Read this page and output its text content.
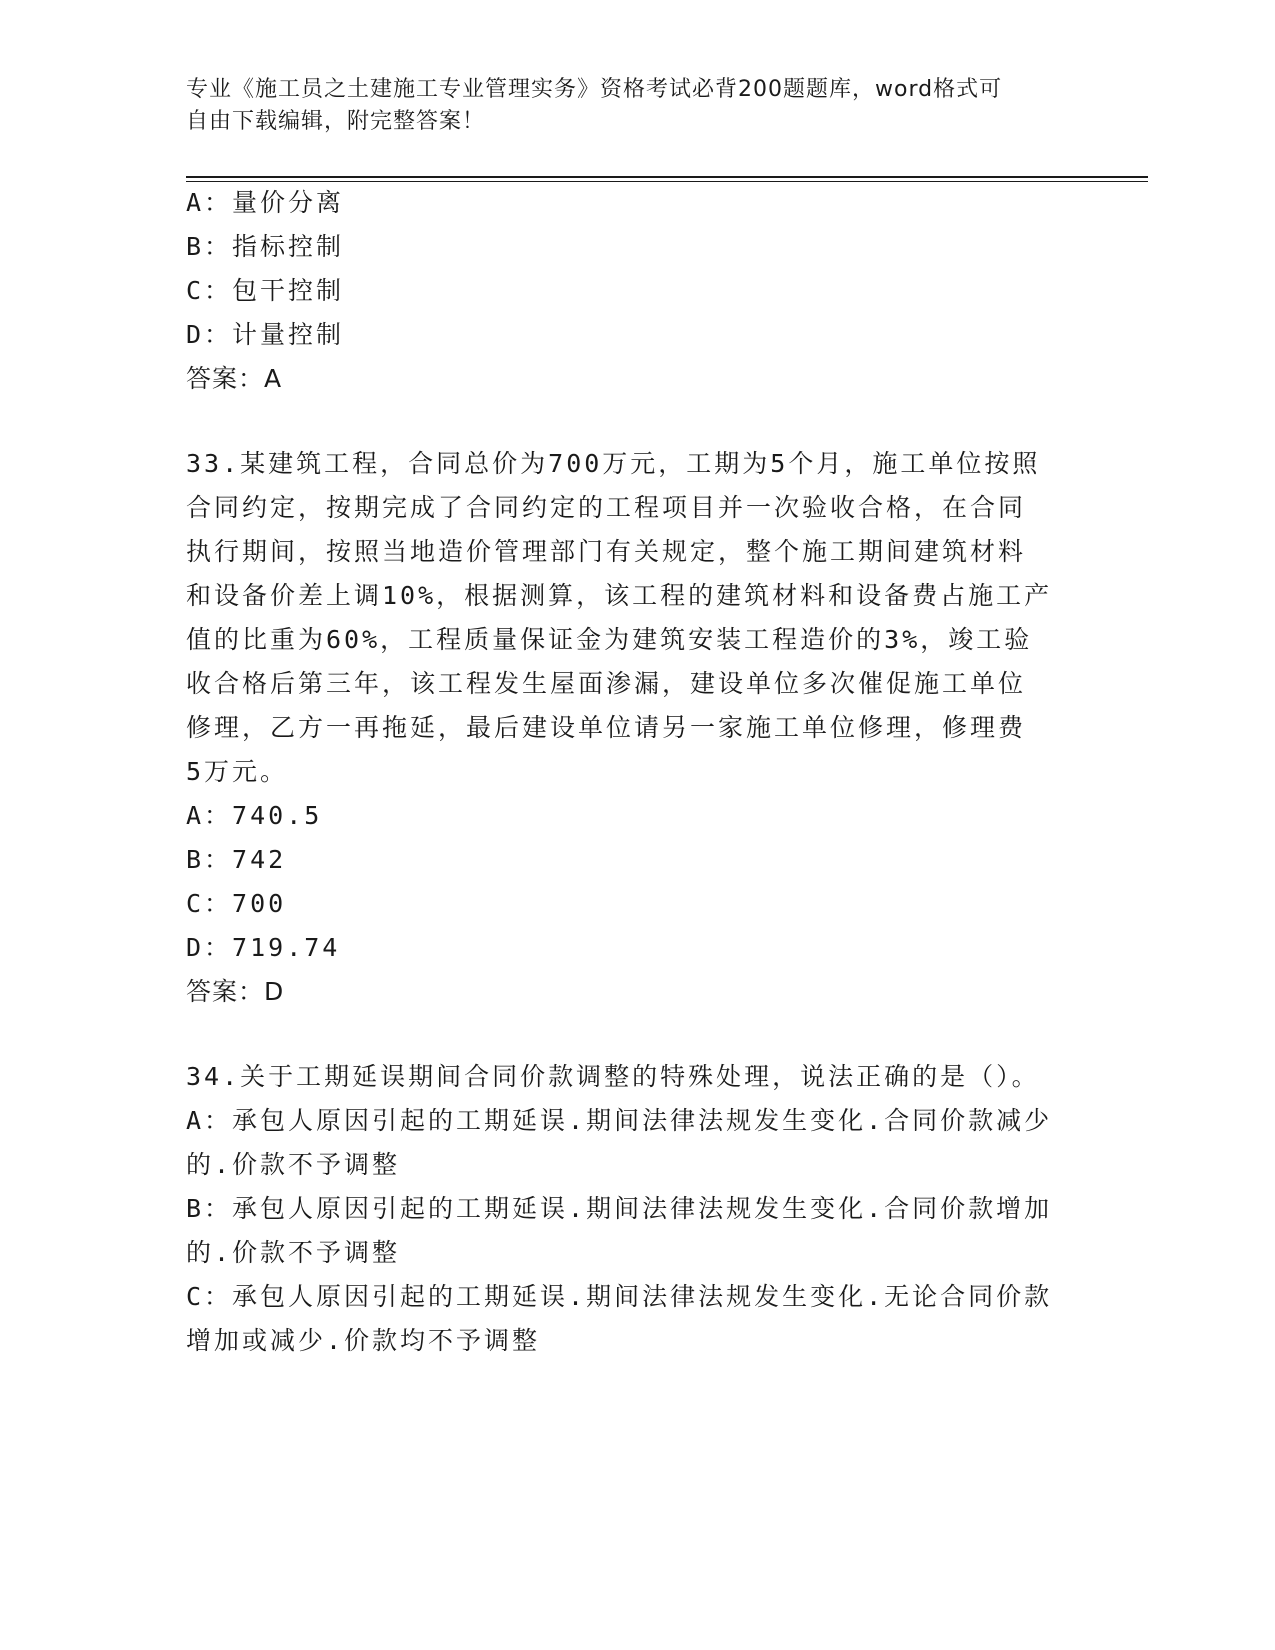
专业《施工员之土建施工专业管理实务》资格考试必背200题题库，word格式可
自由下载编辑，附完整答案！
A：量价分离
B：指标控制
C：包干控制
D：计量控制
答案：A
33.某建筑工程，合同总价为700万元，工期为5个月，施工单位按照
合同约定，按期完成了合同约定的工程项目并一次验收合格，在合同
执行期间，按照当地造价管理部门有关规定，整个施工期间建筑材料
和设备价差上调10%，根据测算，该工程的建筑材料和设备费占施工产
值的比重为60%，工程质量保证金为建筑安装工程造价的3%，竣工验
收合格后第三年，该工程发生屋面渗漏，建设单位多次催促施工单位
修理，乙方一再拖延，最后建设单位请另一家施工单位修理，修理费
5万元。
A：740.5
B：742
C：700
D：719.74
答案：D
34.关于工期延误期间合同价款调整的特殊处理，说法正确的是（）。
A：承包人原因引起的工期延误.期间法律法规发生变化.合同价款减少
的.价款不予调整
B：承包人原因引起的工期延误.期间法律法规发生变化.合同价款增加
的.价款不予调整
C：承包人原因引起的工期延误.期间法律法规发生变化.无论合同价款
增加或减少.价款均不予调整
